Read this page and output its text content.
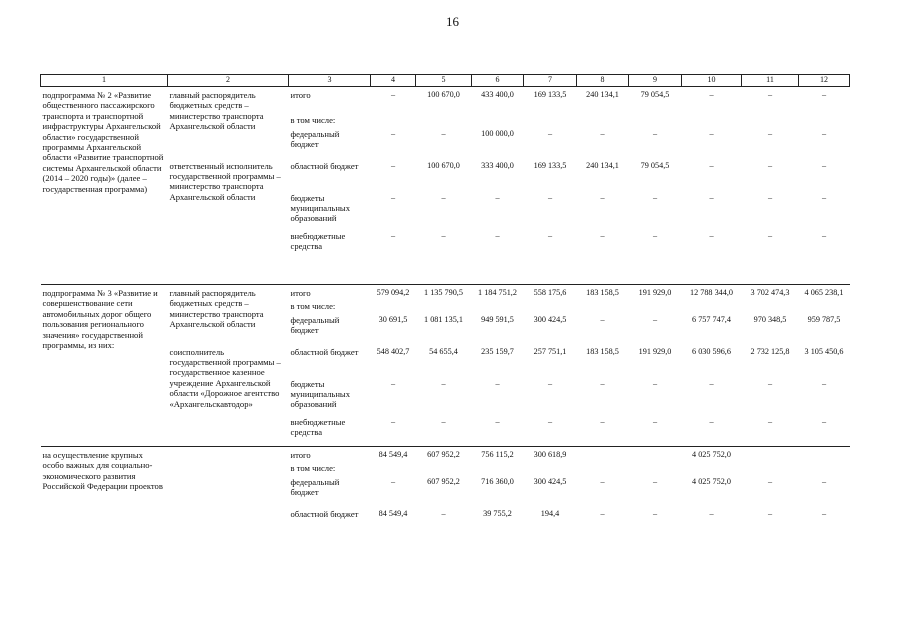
16
1	2	3	4	5	6	7	8	9	10	11	12
подпрограмма № 2 «Развитие общественного пассажирского транспорта и транспортной инфраструктуры Архангельской области» государственной программы Архангельской области «Развитие транспортной системы Архангельской области (2014 – 2020 годы)» (далее – государственная программа)	главный распорядитель бюджетных средств – министерство транспорта Архангельской области	итого	–	100 670,0	433 400,0	169 133,5	240 134,1	79 054,5	–	–	–
		в том числе:									
		федеральный бюджет	–	–	100 000,0	–	–	–	–	–	–
	ответственный исполнитель государственной программы – министерство транспорта Архангельской области	областной бюджет	–	100 670,0	333 400,0	169 133,5	240 134,1	79 054,5	–	–	–
		бюджеты муниципальных образований	–	–	–	–	–	–	–	–	–
		внебюджетные средства	–	–	–	–	–	–	–	–	–
подпрограмма № 3 «Развитие и совершенствование сети автомобильных дорог общего пользования регионального значения» государственной программы, из них:	главный распорядитель бюджетных средств – министерство транспорта Архангельской области	итого	579 094,2	1 135 790,5	1 184 751,2	558 175,6	183 158,5	191 929,0	12 788 344,0	3 702 474,3	4 065 238,1
		в том числе:									
		федеральный бюджет	30 691,5	1 081 135,1	949 591,5	300 424,5	–	–	6 757 747,4	970 348,5	959 787,5
	соисполнитель государственной программы – государственное казенное учреждение Архангельской области «Дорожное агентство «Архангельскавтодор»	областной бюджет	548 402,7	54 655,4	235 159,7	257 751,1	183 158,5	191 929,0	6 030 596,6	2 732 125,8	3 105 450,6
		бюджеты муниципальных образований	–	–	–	–	–	–	–	–	–
		внебюджетные средства	–	–	–	–	–	–	–	–	–
на осуществление крупных особо важных для социально-экономического развития Российской Федерации проектов		итого	84 549,4	607 952,2	756 115,2	300 618,9			4 025 752,0		
		в том числе:									
		федеральный бюджет	–	607 952,2	716 360,0	300 424,5	–	–	4 025 752,0	–	–
		областной бюджет	84 549,4	–	39 755,2	194,4	–	–	–	–	–
